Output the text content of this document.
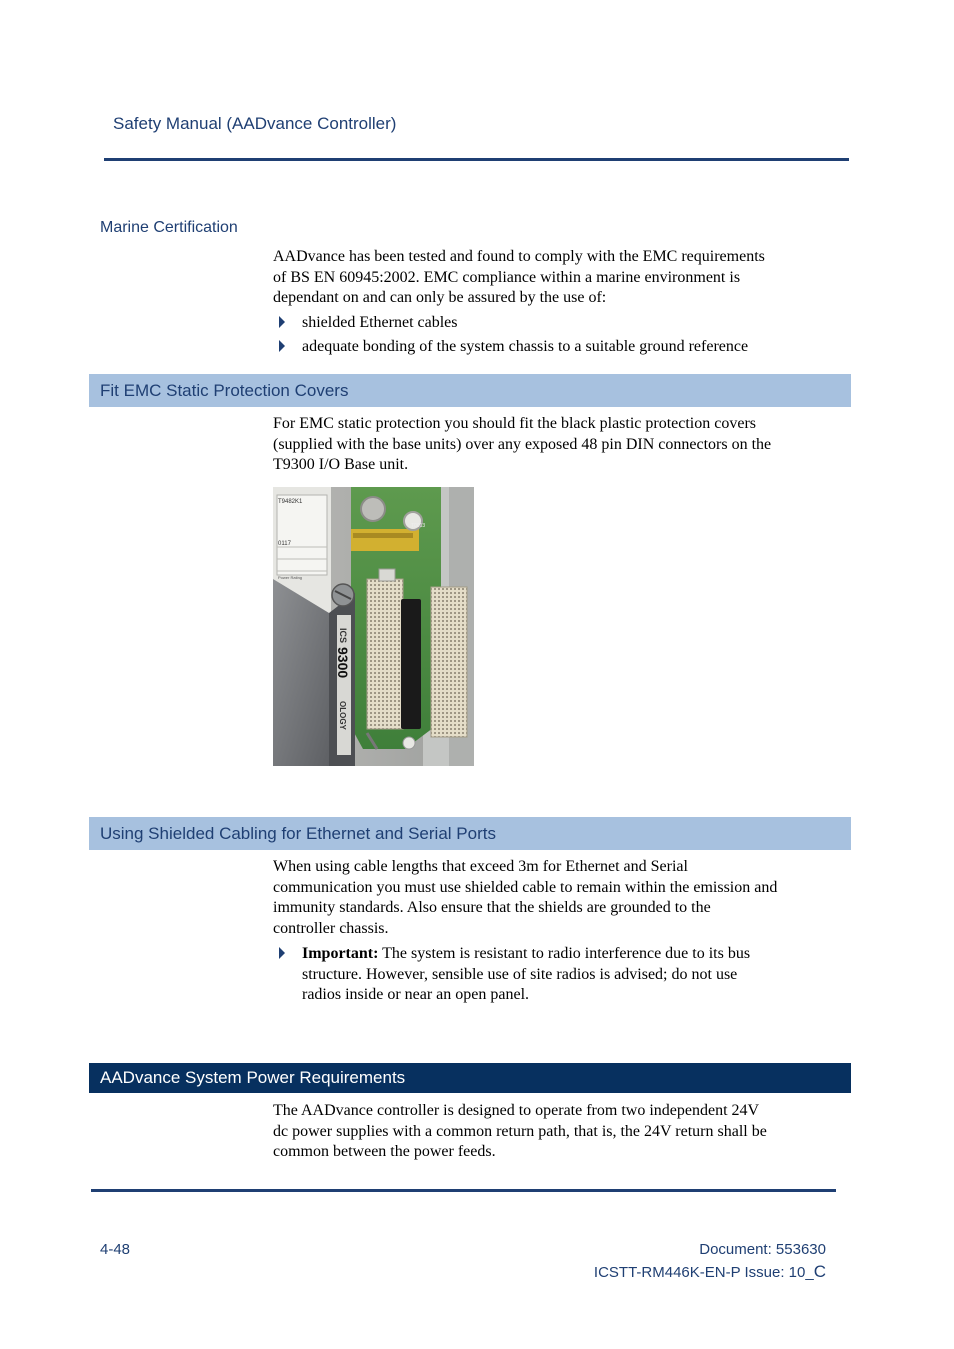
Safety Manual (AADvance Controller)
Marine Certification
AADvance has been tested and found to comply with the EMC requirements
of BS EN 60945:2002. EMC compliance within a marine environment is
dependant on and can only be assured by the use of:
shielded Ethernet cables
adequate bonding of the system chassis to a suitable ground reference
Fit EMC Static Protection Covers
For EMC static protection you should fit the black plastic protection covers
(supplied with the base units) over any exposed 48 pin DIN connectors on the
T9300 I/O Base unit.
T9482K1
0117
Power Rating
T0013
ICS
9300
OLOGY
Using Shielded Cabling for Ethernet and Serial Ports
When using cable lengths that exceed 3m for Ethernet and Serial
communication you must use shielded cable to remain within the emission and
immunity standards. Also ensure that the shields are grounded to the
controller chassis.
Important: The system is resistant to radio interference due to its bus
structure. However, sensible use of site radios is advised; do not use
radios inside or near an open panel.
AADvance System Power Requirements
The AADvance controller is designed to operate from two independent 24V
dc power supplies with a common return path, that is, the 24V return shall be
common between the power feeds.
4-48	Document: 553630
ICSTT-RM446K-EN-P Issue: 10_C
